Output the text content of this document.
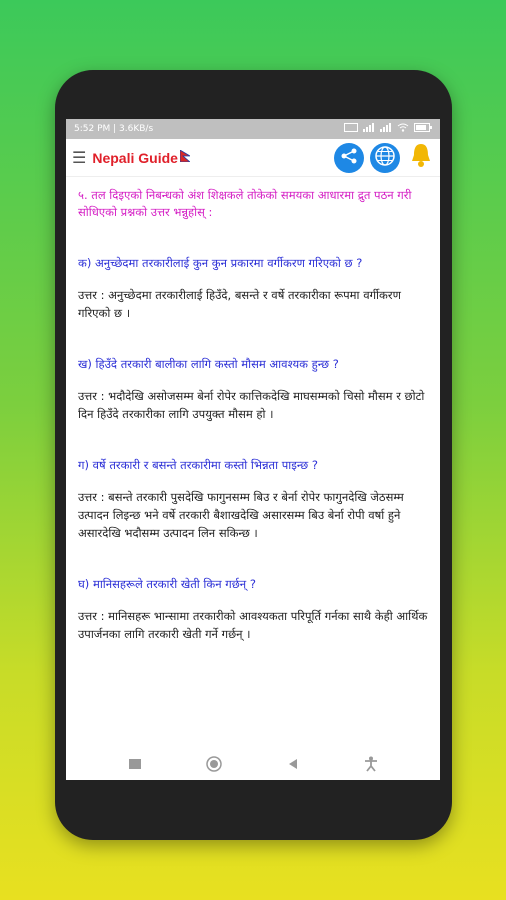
5:52 PM | 3.6KB/s
☰ Nepali Guide

५. तल दिइएको निबन्धको अंश शिक्षकले तोकेको समयका आधारमा द्रुत पठन गरी सोधिएको प्रश्नको उत्तर भन्नुहोस् :

क) अनुच्छेदमा तरकारीलाई कुन कुन प्रकारमा वर्गीकरण गरिएको छ ?

उत्तर : अनुच्छेदमा तरकारीलाई हिउँदे, बसन्ते र वर्षे तरकारीका रूपमा वर्गीकरण गरिएको छ ।

ख) हिउँदे तरकारी बालीका लागि कस्तो मौसम आवश्यक हुन्छ ?

उत्तर : भदौदेखि असोजसम्म बेर्ना रोपेर कात्तिकदेखि माघसम्मको चिसो मौसम र छोटो दिन हिउँदे तरकारीका लागि उपयुक्त मौसम हो ।

ग) वर्षे तरकारी र बसन्ते तरकारीमा कस्तो भिन्नता पाइन्छ ?

उत्तर : बसन्ते तरकारी पुसदेखि फागुनसम्म बिउ र बेर्ना रोपेर फागुनदेखि जेठसम्म उत्पादन लिइन्छ भने वर्षे तरकारी बैशाखदेखि असारसम्म बिउ बेर्ना रोपी वर्षा हुने असारदेखि भदौसम्म उत्पादन लिन सकिन्छ ।

घ) मानिसहरूले तरकारी खेती किन गर्छन् ?

उत्तर : मानिसहरू भान्सामा तरकारीको आवश्यकता परिपूर्ति गर्नका साथै केही आर्थिक उपार्जनका लागि तरकारी खेती गर्ने गर्छन् ।
